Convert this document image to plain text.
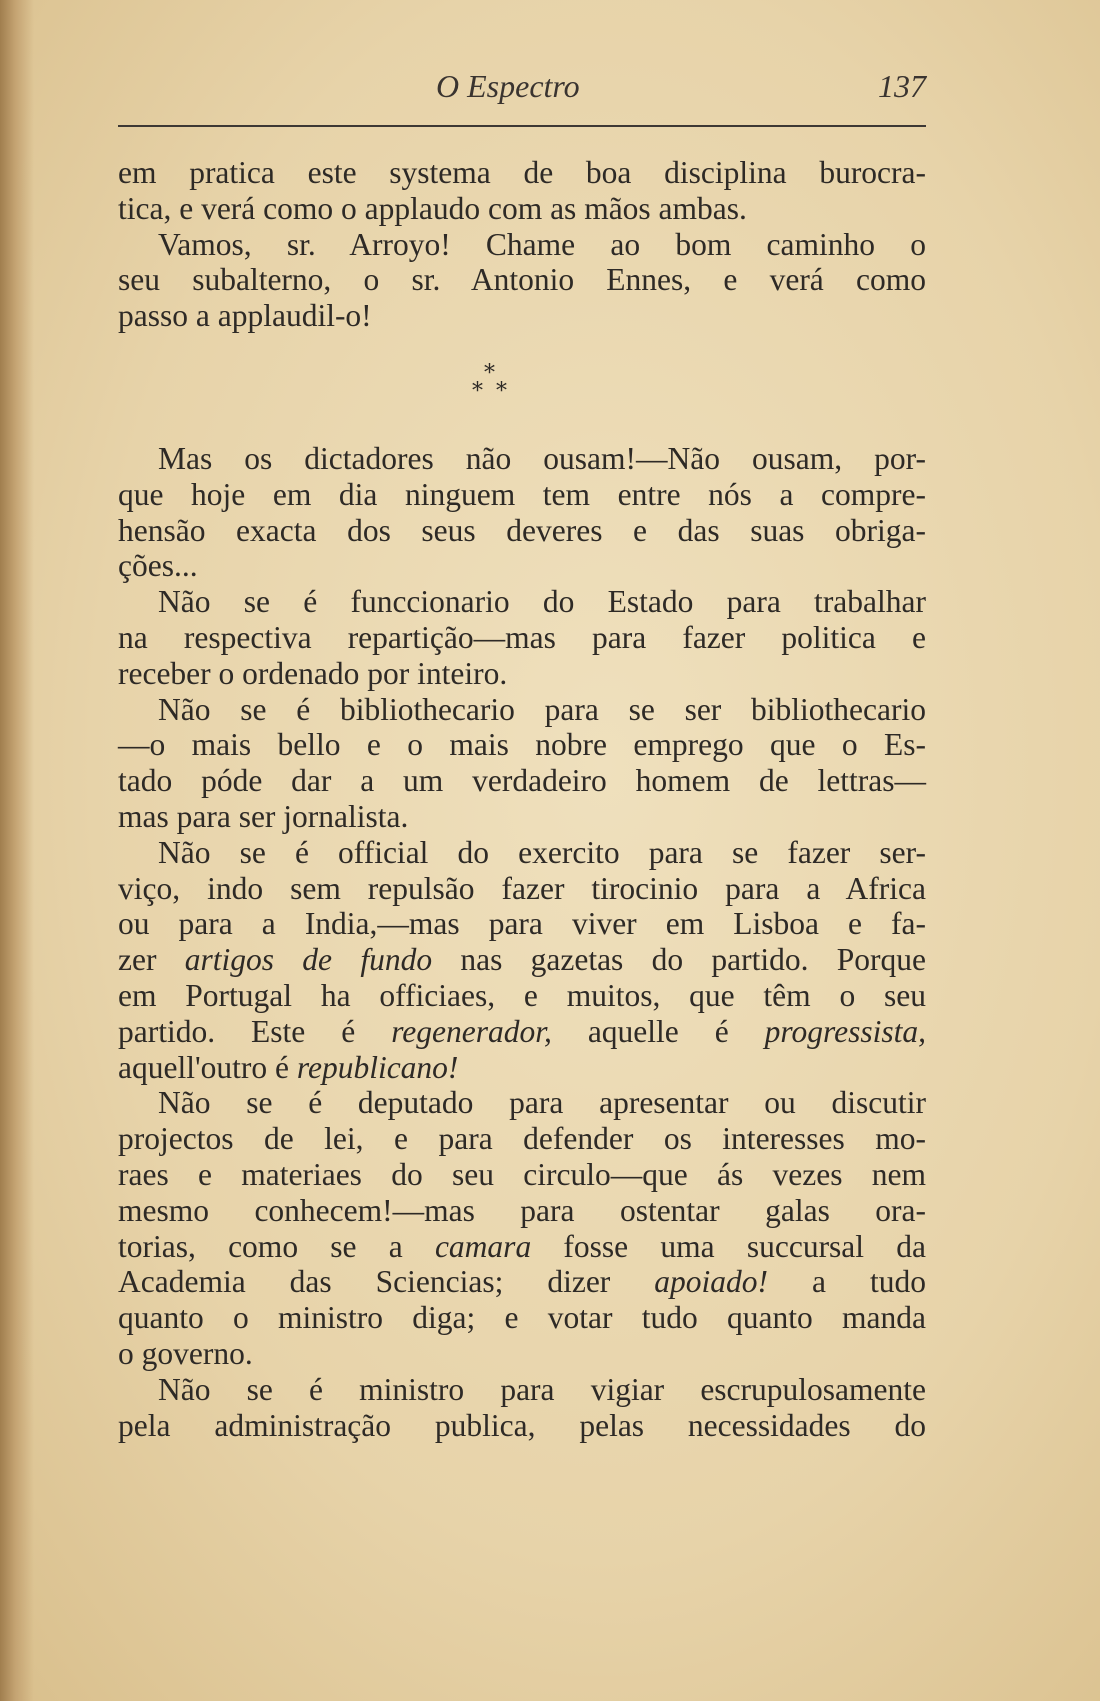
O Espectro	137
em pratica este systema de boa disciplina burocra-
tica, e verá como o applaudo com as mãos ambas.
Vamos, sr. Arroyo! Chame ao bom caminho o
seu subalterno, o sr. Antonio Ennes, e verá como
passo a applaudil-o!
*
* *
Mas os dictadores não ousam!—Não ousam, por-
que hoje em dia ninguem tem entre nós a compre-
hensão exacta dos seus deveres e das suas obriga-
ções...
Não se é funccionario do Estado para trabalhar
na respectiva repartição—mas para fazer politica e
receber o ordenado por inteiro.
Não se é bibliothecario para se ser bibliothecario
—o mais bello e o mais nobre emprego que o Es-
tado póde dar a um verdadeiro homem de lettras—
mas para ser jornalista.
Não se é official do exercito para se fazer ser-
viço, indo sem repulsão fazer tirocinio para a Africa
ou para a India,—mas para viver em Lisboa e fa-
zer artigos de fundo nas gazetas do partido. Porque
em Portugal ha officiaes, e muitos, que têm o seu
partido. Este é regenerador, aquelle é progressista,
aquell'outro é republicano!
Não se é deputado para apresentar ou discutir
projectos de lei, e para defender os interesses mo-
raes e materiaes do seu circulo—que ás vezes nem
mesmo conhecem!—mas para ostentar galas ora-
torias, como se a camara fosse uma succursal da
Academia das Sciencias; dizer apoiado! a tudo
quanto o ministro diga; e votar tudo quanto manda
o governo.
Não se é ministro para vigiar escrupulosamente
pela administração publica, pelas necessidades do
